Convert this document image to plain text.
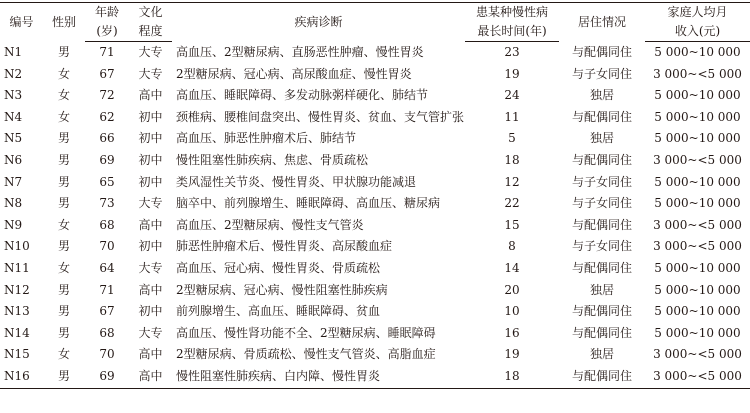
编号	性别	年龄	文化	疾病诊断	患某种慢性病	居住情况	家庭人均月
		(岁)	程度		最长时间(年)		收入(元)
N1	男	71	大专	高血压、2型糖尿病、直肠恶性肿瘤、慢性胃炎	23	与配偶同住	5 000~10 000
N2	女	67	大专	2型糖尿病、冠心病、高尿酸血症、慢性胃炎	19	与子女同住	3 000~<5 000
N3	女	72	高中	高血压、睡眠障碍、多发动脉粥样硬化、肺结节	24	独居	5 000~10 000
N4	女	62	初中	颈椎病、腰椎间盘突出、慢性胃炎、贫血、支气管扩张	11	与配偶同住	5 000~10 000
N5	男	66	初中	高血压、肺恶性肿瘤术后、肺结节	5	独居	5 000~10 000
N6	男	69	初中	慢性阻塞性肺疾病、焦虑、骨质疏松	18	与配偶同住	3 000~<5 000
N7	男	65	初中	类风湿性关节炎、慢性胃炎、甲状腺功能减退	12	与子女同住	5 000~10 000
N8	男	73	大专	脑卒中、前列腺增生、睡眠障碍、高血压、糖尿病	22	与子女同住	5 000~10 000
N9	女	68	高中	高血压、2型糖尿病、慢性支气管炎	15	与配偶同住	3 000~<5 000
N10	男	70	初中	肺恶性肿瘤术后、慢性胃炎、高尿酸血症	8	与子女同住	3 000~<5 000
N11	女	64	大专	高血压、冠心病、慢性胃炎、骨质疏松	14	与配偶同住	5 000~10 000
N12	男	71	高中	2型糖尿病、冠心病、慢性阻塞性肺疾病	20	独居	5 000~10 000
N13	男	67	初中	前列腺增生、高血压、睡眠障碍、贫血	10	与配偶同住	5 000~10 000
N14	男	68	大专	高血压、慢性肾功能不全、2型糖尿病、睡眠障碍	16	与配偶同住	5 000~10 000
N15	女	70	高中	2型糖尿病、骨质疏松、慢性支气管炎、高脂血症	19	独居	3 000~<5 000
N16	男	69	高中	慢性阻塞性肺疾病、白内障、慢性胃炎	18	与配偶同住	3 000~<5 000
